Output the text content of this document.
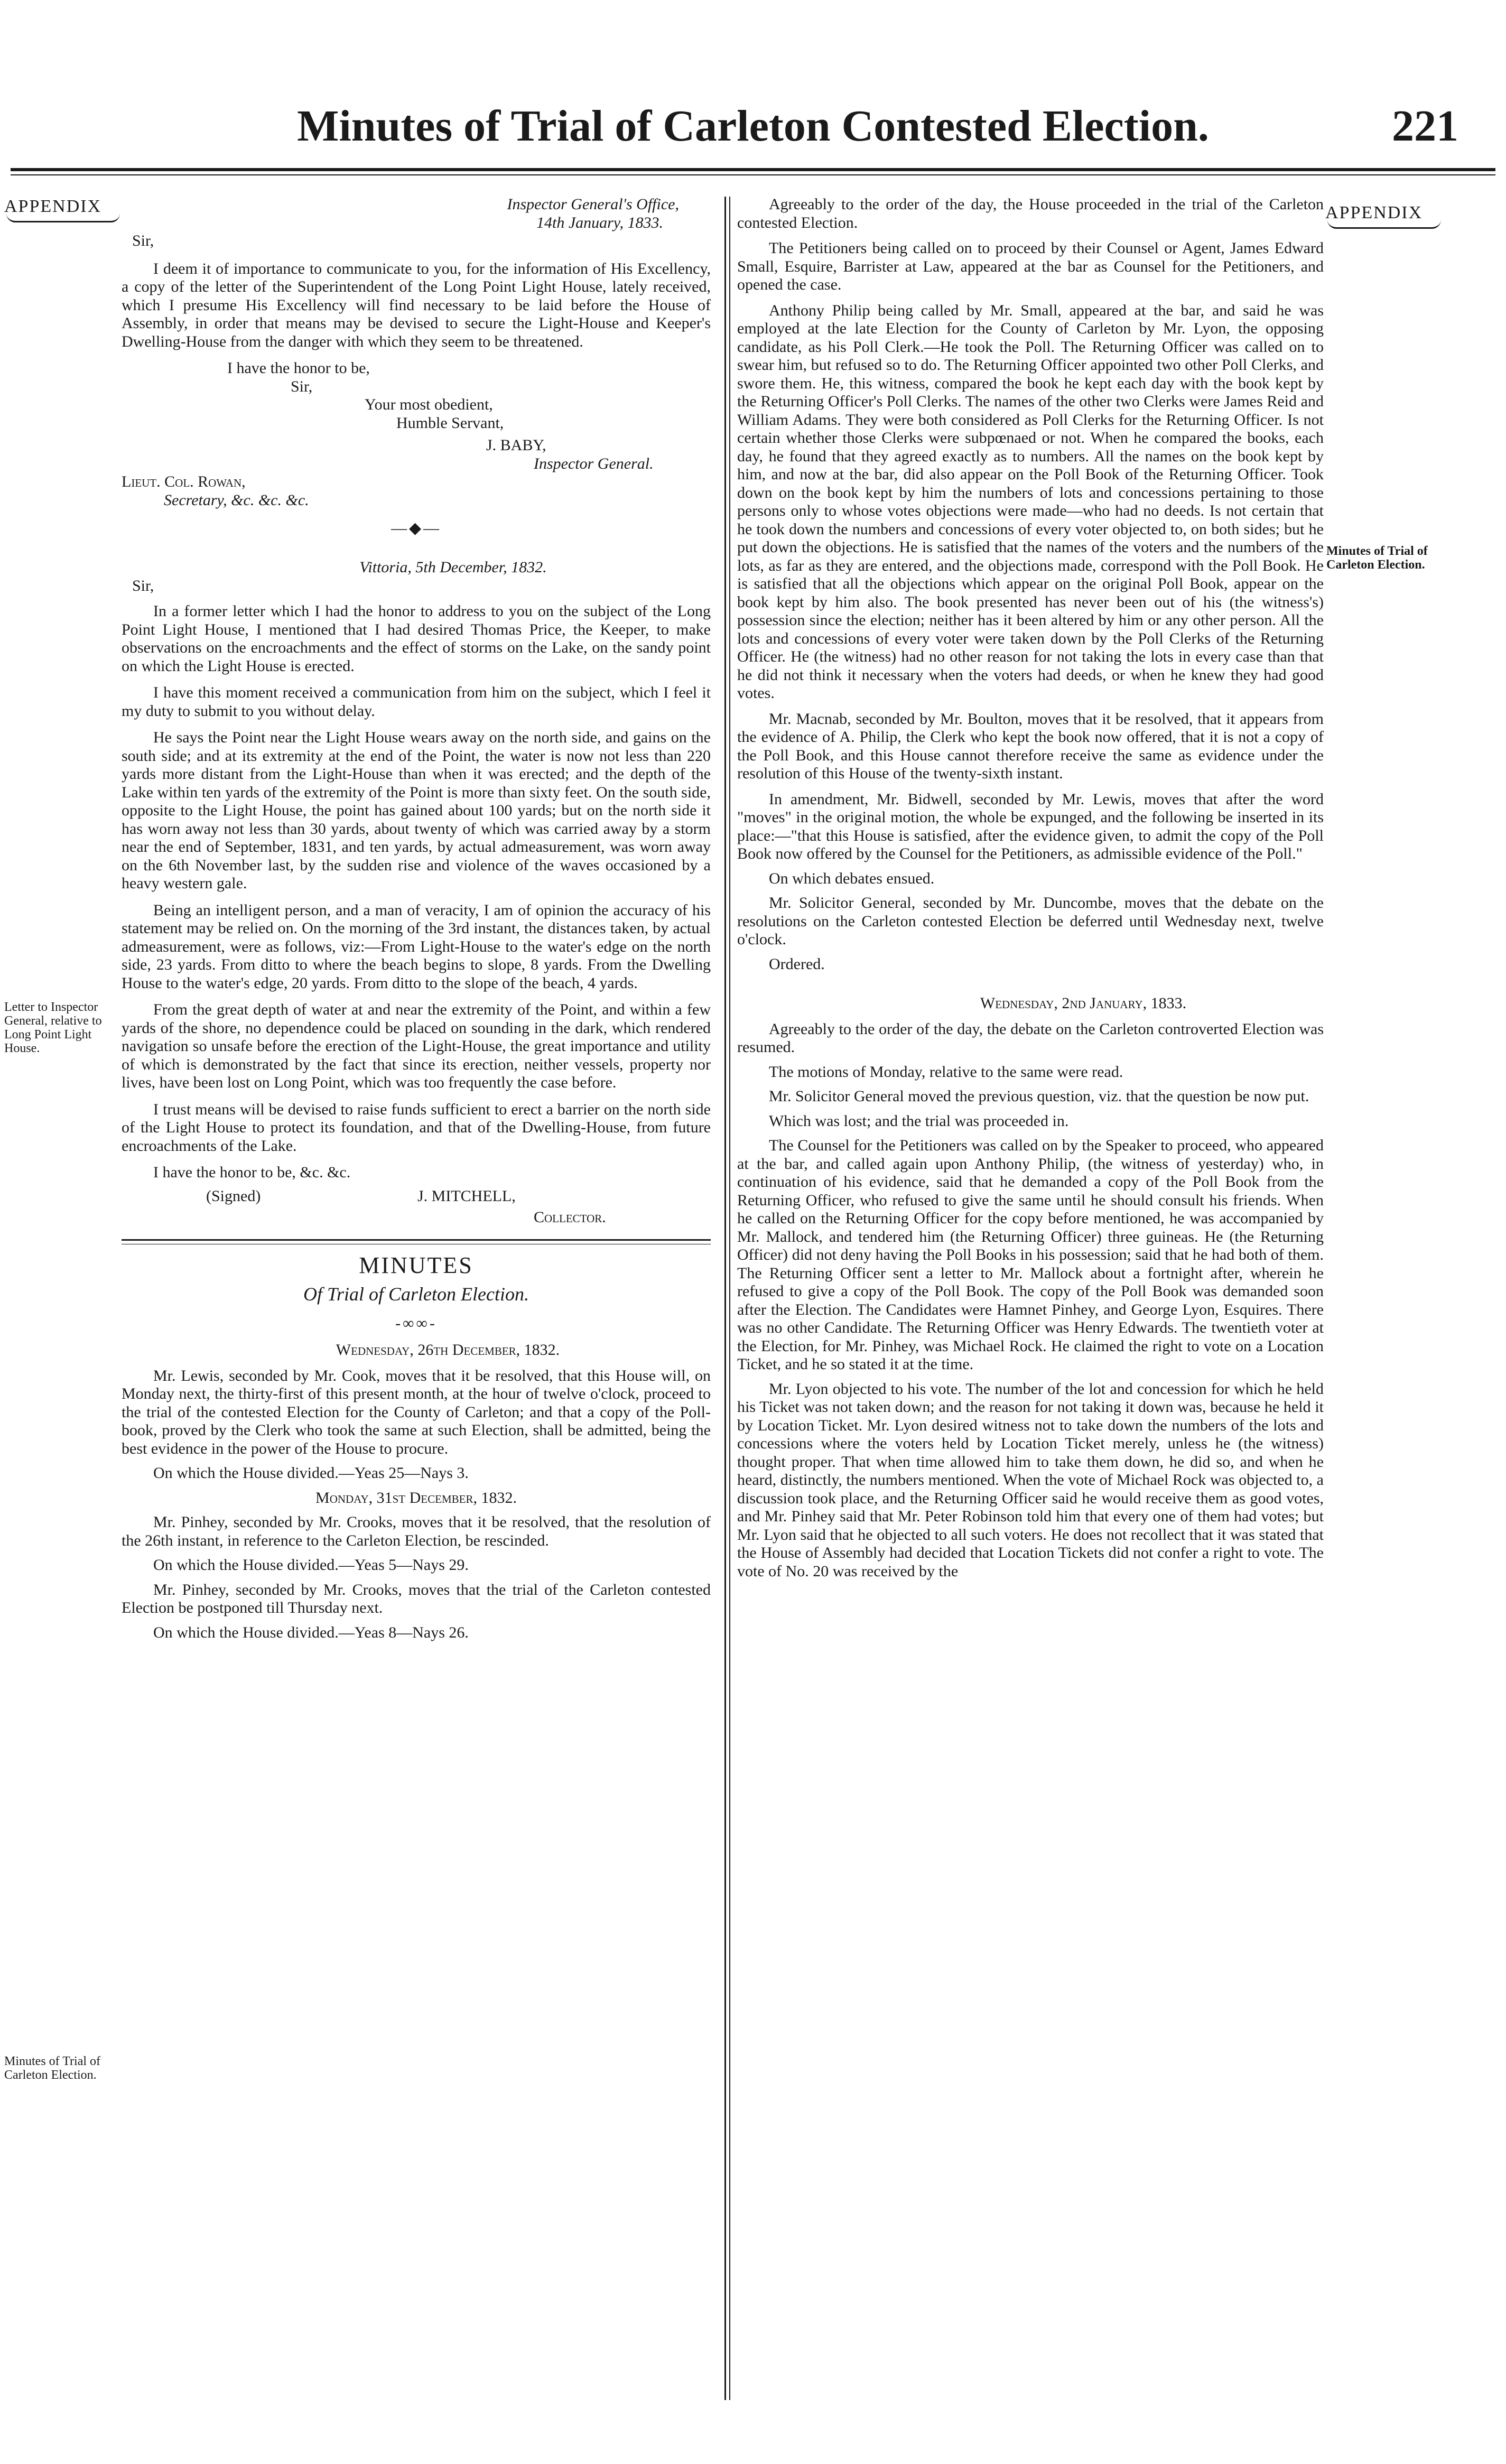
Minutes of Trial of Carleton Contested Election.	221
APPENDIX	APPENDIX
Letter to Inspector General, relative to Long Point Light House.
Minutes of Trial of Carleton Election.
Minutes of Trial of Carleton Election.

Inspector General's Office,

14th January, 1833.

Sir,

I deem it of importance to communicate to you, for the information of His Excellency, a copy of the letter of the Superintendent of the Long Point Light House, lately received, which I presume His Excellency will find necessary to be laid before the House of Assembly, in order that means may be devised to secure the Light-House and Keeper's Dwelling-House from the danger with which they seem to be threatened.

I have the honor to be,

Sir,

Your most obedient,

Humble Servant,

J. BABY,

Inspector General.

Lieut. Col. Rowan,

Secretary, &c. &c. &c.

—◆—

Vittoria, 5th December, 1832.

Sir,

In a former letter which I had the honor to address to you on the subject of the Long Point Light House, I mentioned that I had desired Thomas Price, the Keeper, to make observations on the encroachments and the effect of storms on the Lake, on the sandy point on which the Light House is erected.

I have this moment received a communication from him on the subject, which I feel it my duty to submit to you without delay.

He says the Point near the Light House wears away on the north side, and gains on the south side; and at its extremity at the end of the Point, the water is now not less than 220 yards more distant from the Light-House than when it was erected; and the depth of the Lake within ten yards of the extremity of the Point is more than sixty feet. On the south side, opposite to the Light House, the point has gained about 100 yards; but on the north side it has worn away not less than 30 yards, about twenty of which was carried away by a storm near the end of September, 1831, and ten yards, by actual admeasurement, was worn away on the 6th November last, by the sudden rise and violence of the waves occasioned by a heavy western gale.

Being an intelligent person, and a man of veracity, I am of opinion the accuracy of his statement may be relied on. On the morning of the 3rd instant, the distances taken, by actual admeasurement, were as follows, viz:—From Light-House to the water's edge on the north side, 23 yards. From ditto to where the beach begins to slope, 8 yards. From the Dwelling House to the water's edge, 20 yards. From ditto to the slope of the beach, 4 yards.

From the great depth of water at and near the extremity of the Point, and within a few yards of the shore, no dependence could be placed on sounding in the dark, which rendered navigation so unsafe before the erection of the Light-House, the great importance and utility of which is demonstrated by the fact that since its erection, neither vessels, property nor lives, have been lost on Long Point, which was too frequently the case before.

I trust means will be devised to raise funds sufficient to erect a barrier on the north side of the Light House to protect its foundation, and that of the Dwelling-House, from future encroachments of the Lake.

I have the honor to be, &c. &c.

(Signed)	J. MITCHELL,

Collector.

MINUTES

Of Trial of Carleton Election.

-∞∞-

Wednesday, 26th December, 1832.

Mr. Lewis, seconded by Mr. Cook, moves that it be resolved, that this House will, on Monday next, the thirty-first of this present month, at the hour of twelve o'clock, proceed to the trial of the contested Election for the County of Carleton; and that a copy of the Poll-book, proved by the Clerk who took the same at such Election, shall be admitted, being the best evidence in the power of the House to procure.

On which the House divided.—Yeas 25—Nays 3.

Monday, 31st December, 1832.

Mr. Pinhey, seconded by Mr. Crooks, moves that it be resolved, that the resolution of the 26th instant, in reference to the Carleton Election, be rescinded.

On which the House divided.—Yeas 5—Nays 29.

Mr. Pinhey, seconded by Mr. Crooks, moves that the trial of the Carleton contested Election be postponed till Thursday next.

On which the House divided.—Yeas 8—Nays 26.

Agreeably to the order of the day, the House proceeded in the trial of the Carleton contested Election.

The Petitioners being called on to proceed by their Counsel or Agent, James Edward Small, Esquire, Barrister at Law, appeared at the bar as Counsel for the Petitioners, and opened the case.

Anthony Philip being called by Mr. Small, appeared at the bar, and said he was employed at the late Election for the County of Carleton by Mr. Lyon, the opposing candidate, as his Poll Clerk.—He took the Poll. The Returning Officer was called on to swear him, but refused so to do. The Returning Officer appointed two other Poll Clerks, and swore them. He, this witness, compared the book he kept each day with the book kept by the Returning Officer's Poll Clerks. The names of the other two Clerks were James Reid and William Adams. They were both considered as Poll Clerks for the Returning Officer. Is not certain whether those Clerks were subpœnaed or not. When he compared the books, each day, he found that they agreed exactly as to numbers. All the names on the book kept by him, and now at the bar, did also appear on the Poll Book of the Returning Officer. Took down on the book kept by him the numbers of lots and concessions pertaining to those persons only to whose votes objections were made—who had no deeds. Is not certain that he took down the numbers and concessions of every voter objected to, on both sides; but he put down the objections. He is satisfied that the names of the voters and the numbers of the lots, as far as they are entered, and the objections made, correspond with the Poll Book. He is satisfied that all the objections which appear on the original Poll Book, appear on the book kept by him also. The book presented has never been out of his (the witness's) possession since the election; neither has it been altered by him or any other person. All the lots and concessions of every voter were taken down by the Poll Clerks of the Returning Officer. He (the witness) had no other reason for not taking the lots in every case than that he did not think it necessary when the voters had deeds, or when he knew they had good votes.

Mr. Macnab, seconded by Mr. Boulton, moves that it be resolved, that it appears from the evidence of A. Philip, the Clerk who kept the book now offered, that it is not a copy of the Poll Book, and this House cannot therefore receive the same as evidence under the resolution of this House of the twenty-sixth instant.

In amendment, Mr. Bidwell, seconded by Mr. Lewis, moves that after the word "moves" in the original motion, the whole be expunged, and the following be inserted in its place:—"that this House is satisfied, after the evidence given, to admit the copy of the Poll Book now offered by the Counsel for the Petitioners, as admissible evidence of the Poll."

On which debates ensued.

Mr. Solicitor General, seconded by Mr. Duncombe, moves that the debate on the resolutions on the Carleton contested Election be deferred until Wednesday next, twelve o'clock.

Ordered.

Wednesday, 2nd January, 1833.

Agreeably to the order of the day, the debate on the Carleton controverted Election was resumed.

The motions of Monday, relative to the same were read.

Mr. Solicitor General moved the previous question, viz. that the question be now put.

Which was lost; and the trial was proceeded in.

The Counsel for the Petitioners was called on by the Speaker to proceed, who appeared at the bar, and called again upon Anthony Philip, (the witness of yesterday) who, in continuation of his evidence, said that he demanded a copy of the Poll Book from the Returning Officer, who refused to give the same until he should consult his friends. When he called on the Returning Officer for the copy before mentioned, he was accompanied by Mr. Mallock, and tendered him (the Returning Officer) three guineas. He (the Returning Officer) did not deny having the Poll Books in his possession; said that he had both of them. The Returning Officer sent a letter to Mr. Mallock about a fortnight after, wherein he refused to give a copy of the Poll Book. The copy of the Poll Book was demanded soon after the Election. The Candidates were Hamnet Pinhey, and George Lyon, Esquires. There was no other Candidate. The Returning Officer was Henry Edwards. The twentieth voter at the Election, for Mr. Pinhey, was Michael Rock. He claimed the right to vote on a Location Ticket, and he so stated it at the time.

Mr. Lyon objected to his vote. The number of the lot and concession for which he held his Ticket was not taken down; and the reason for not taking it down was, because he held it by Location Ticket. Mr. Lyon desired witness not to take down the numbers of the lots and concessions where the voters held by Location Ticket merely, unless he (the witness) thought proper. That when time allowed him to take them down, he did so, and when he heard, distinctly, the numbers mentioned. When the vote of Michael Rock was objected to, a discussion took place, and the Returning Officer said he would receive them as good votes, and Mr. Pinhey said that Mr. Peter Robinson told him that every one of them had votes; but Mr. Lyon said that he objected to all such voters. He does not recollect that it was stated that the House of Assembly had decided that Location Tickets did not confer a right to vote. The vote of No. 20 was received by the
